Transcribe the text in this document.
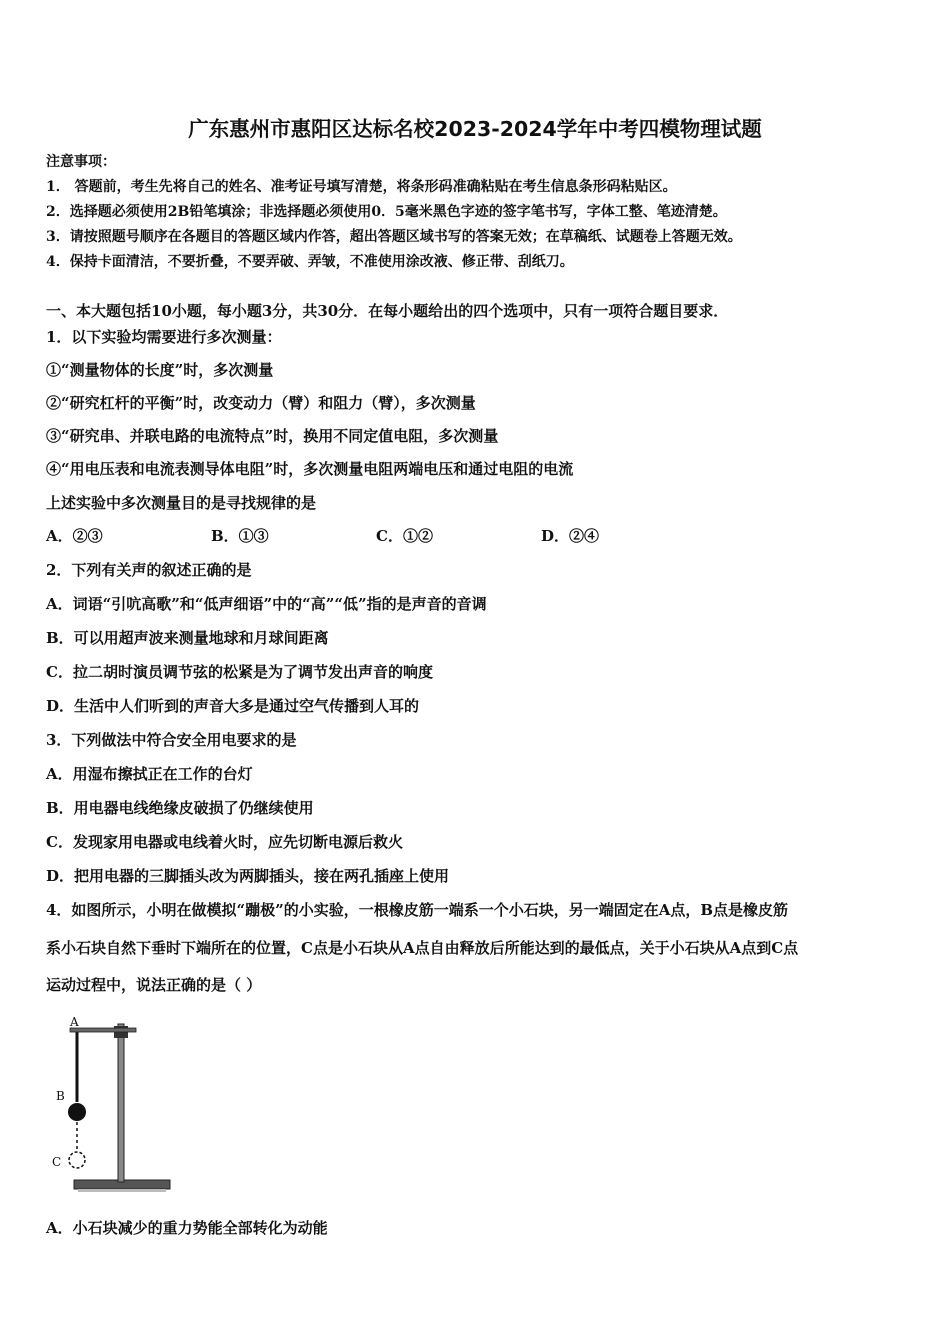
广东惠州市惠阳区达标名校2023-2024学年中考四模物理试题
注意事项：
1． 答题前，考生先将自己的姓名、准考证号填写清楚，将条形码准确粘贴在考生信息条形码粘贴区。
2．选择题必须使用2B铅笔填涂；非选择题必须使用0．5毫米黑色字迹的签字笔书写，字体工整、笔迹清楚。
3．请按照题号顺序在各题目的答题区域内作答，超出答题区域书写的答案无效；在草稿纸、试题卷上答题无效。
4．保持卡面清洁，不要折叠，不要弄破、弄皱，不准使用涂改液、修正带、刮纸刀。
一、本大题包括10小题，每小题3分，共30分．在每小题给出的四个选项中，只有一项符合题目要求．
1．以下实验均需要进行多次测量：
①“测量物体的长度”时，多次测量
②“研究杠杆的平衡”时，改变动力（臂）和阻力（臂），多次测量
③“研究串、并联电路的电流特点”时，换用不同定值电阻，多次测量
④“用电压表和电流表测导体电阻”时，多次测量电阻两端电压和通过电阻的电流
上述实验中多次测量目的是寻找规律的是
A．②③	B．①③	C．①②	D．②④
2．下列有关声的叙述正确的是
A．词语“引吭高歌”和“低声细语”中的“高”“低”指的是声音的音调
B．可以用超声波来测量地球和月球间距离
C．拉二胡时演员调节弦的松紧是为了调节发出声音的响度
D．生活中人们听到的声音大多是通过空气传播到人耳的
3．下列做法中符合安全用电要求的是
A．用湿布擦拭正在工作的台灯
B．用电器电线绝缘皮破损了仍继续使用
C．发现家用电器或电线着火时，应先切断电源后救火
D．把用电器的三脚插头改为两脚插头，接在两孔插座上使用
4．如图所示，小明在做模拟“蹦极”的小实验，一根橡皮筋一端系一个小石块，另一端固定在A点，B点是橡皮筋
系小石块自然下垂时下端所在的位置，C点是小石块从A点自由释放后所能达到的最低点，关于小石块从A点到C点
运动过程中，说法正确的是（ ）
A
B
C
A．小石块减少的重力势能全部转化为动能
